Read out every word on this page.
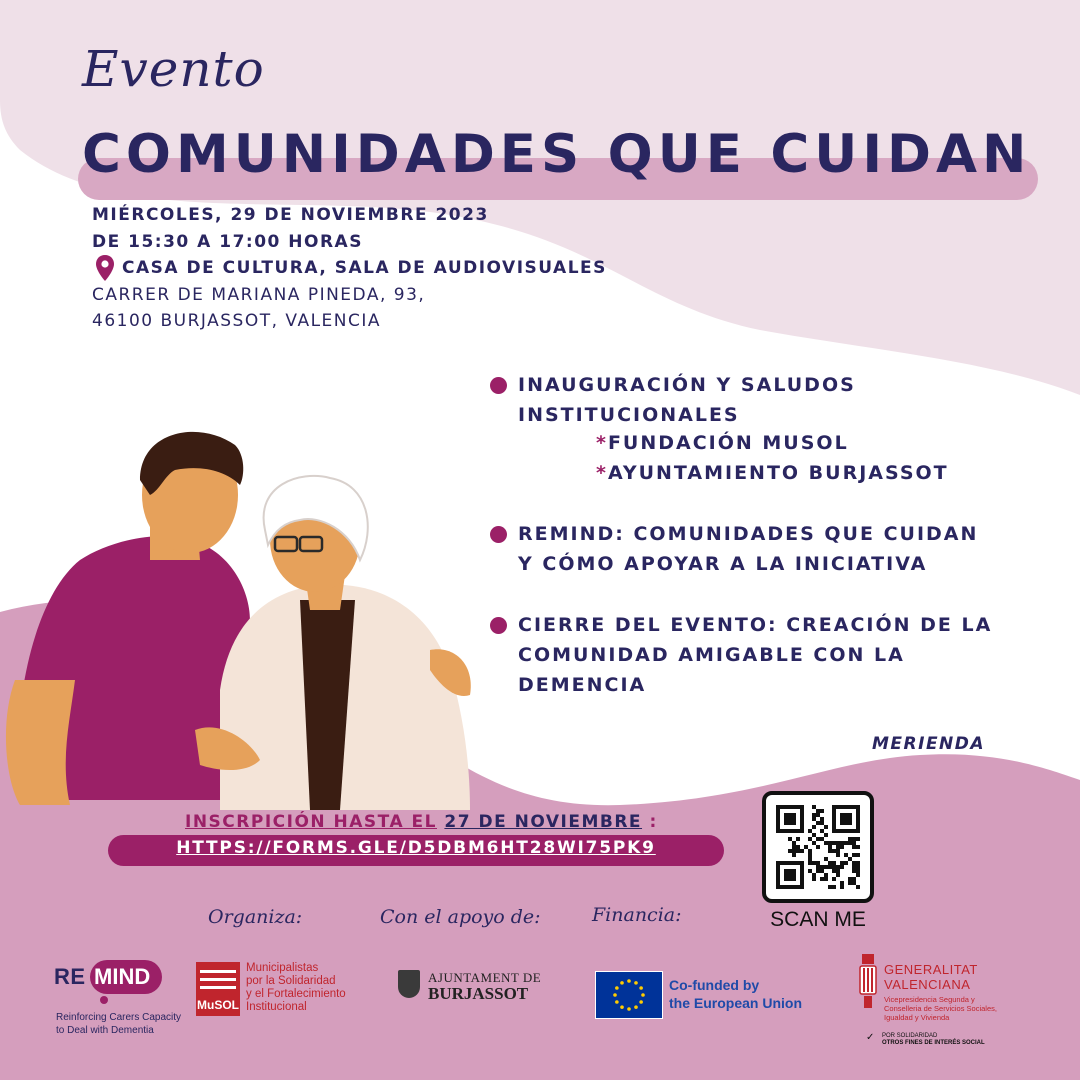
Evento
COMUNIDADES QUE CUIDAN
MIÉRCOLES, 29 DE NOVIEMBRE 2023
DE 15:30 A 17:00 HORAS
CASA DE CULTURA, SALA DE AUDIOVISUALES
CARRER DE MARIANA PINEDA, 93,
46100 BURJASSOT, VALENCIA
INAUGURACIÓN Y SALUDOS
INSTITUCIONALES
*FUNDACIÓN MUSOL
*AYUNTAMIENTO BURJASSOT
REMIND: COMUNIDADES QUE CUIDAN
Y CÓMO APOYAR A LA INICIATIVA
CIERRE DEL EVENTO: CREACIÓN DE LA
COMUNIDAD AMIGABLE CON LA
DEMENCIA
MERIENDA
INSCRPICIÓN HASTA EL 27 DE NOVIEMBRE :
HTTPS://FORMS.GLE/D5DBM6HT28WI75PK9
SCAN ME
Organiza:	Con el apoyo de:	Financia:
RE MIND
Reinforcing Carers Capacity
to Deal with Dementia
MuSOL
Municipalistas
por la Solidaridad
y el Fortalecimiento
Institucional
AJUNTAMENT DE
BURJASSOT	Co-funded by
the European Union
GENERALITAT
VALENCIANA
Vicepresidencia Segunda y
Conselleria de Servicios Sociales,
Igualdad y Vivienda
✓ POR SOLIDARIDAD
OTROS FINES DE INTERÉS SOCIAL
